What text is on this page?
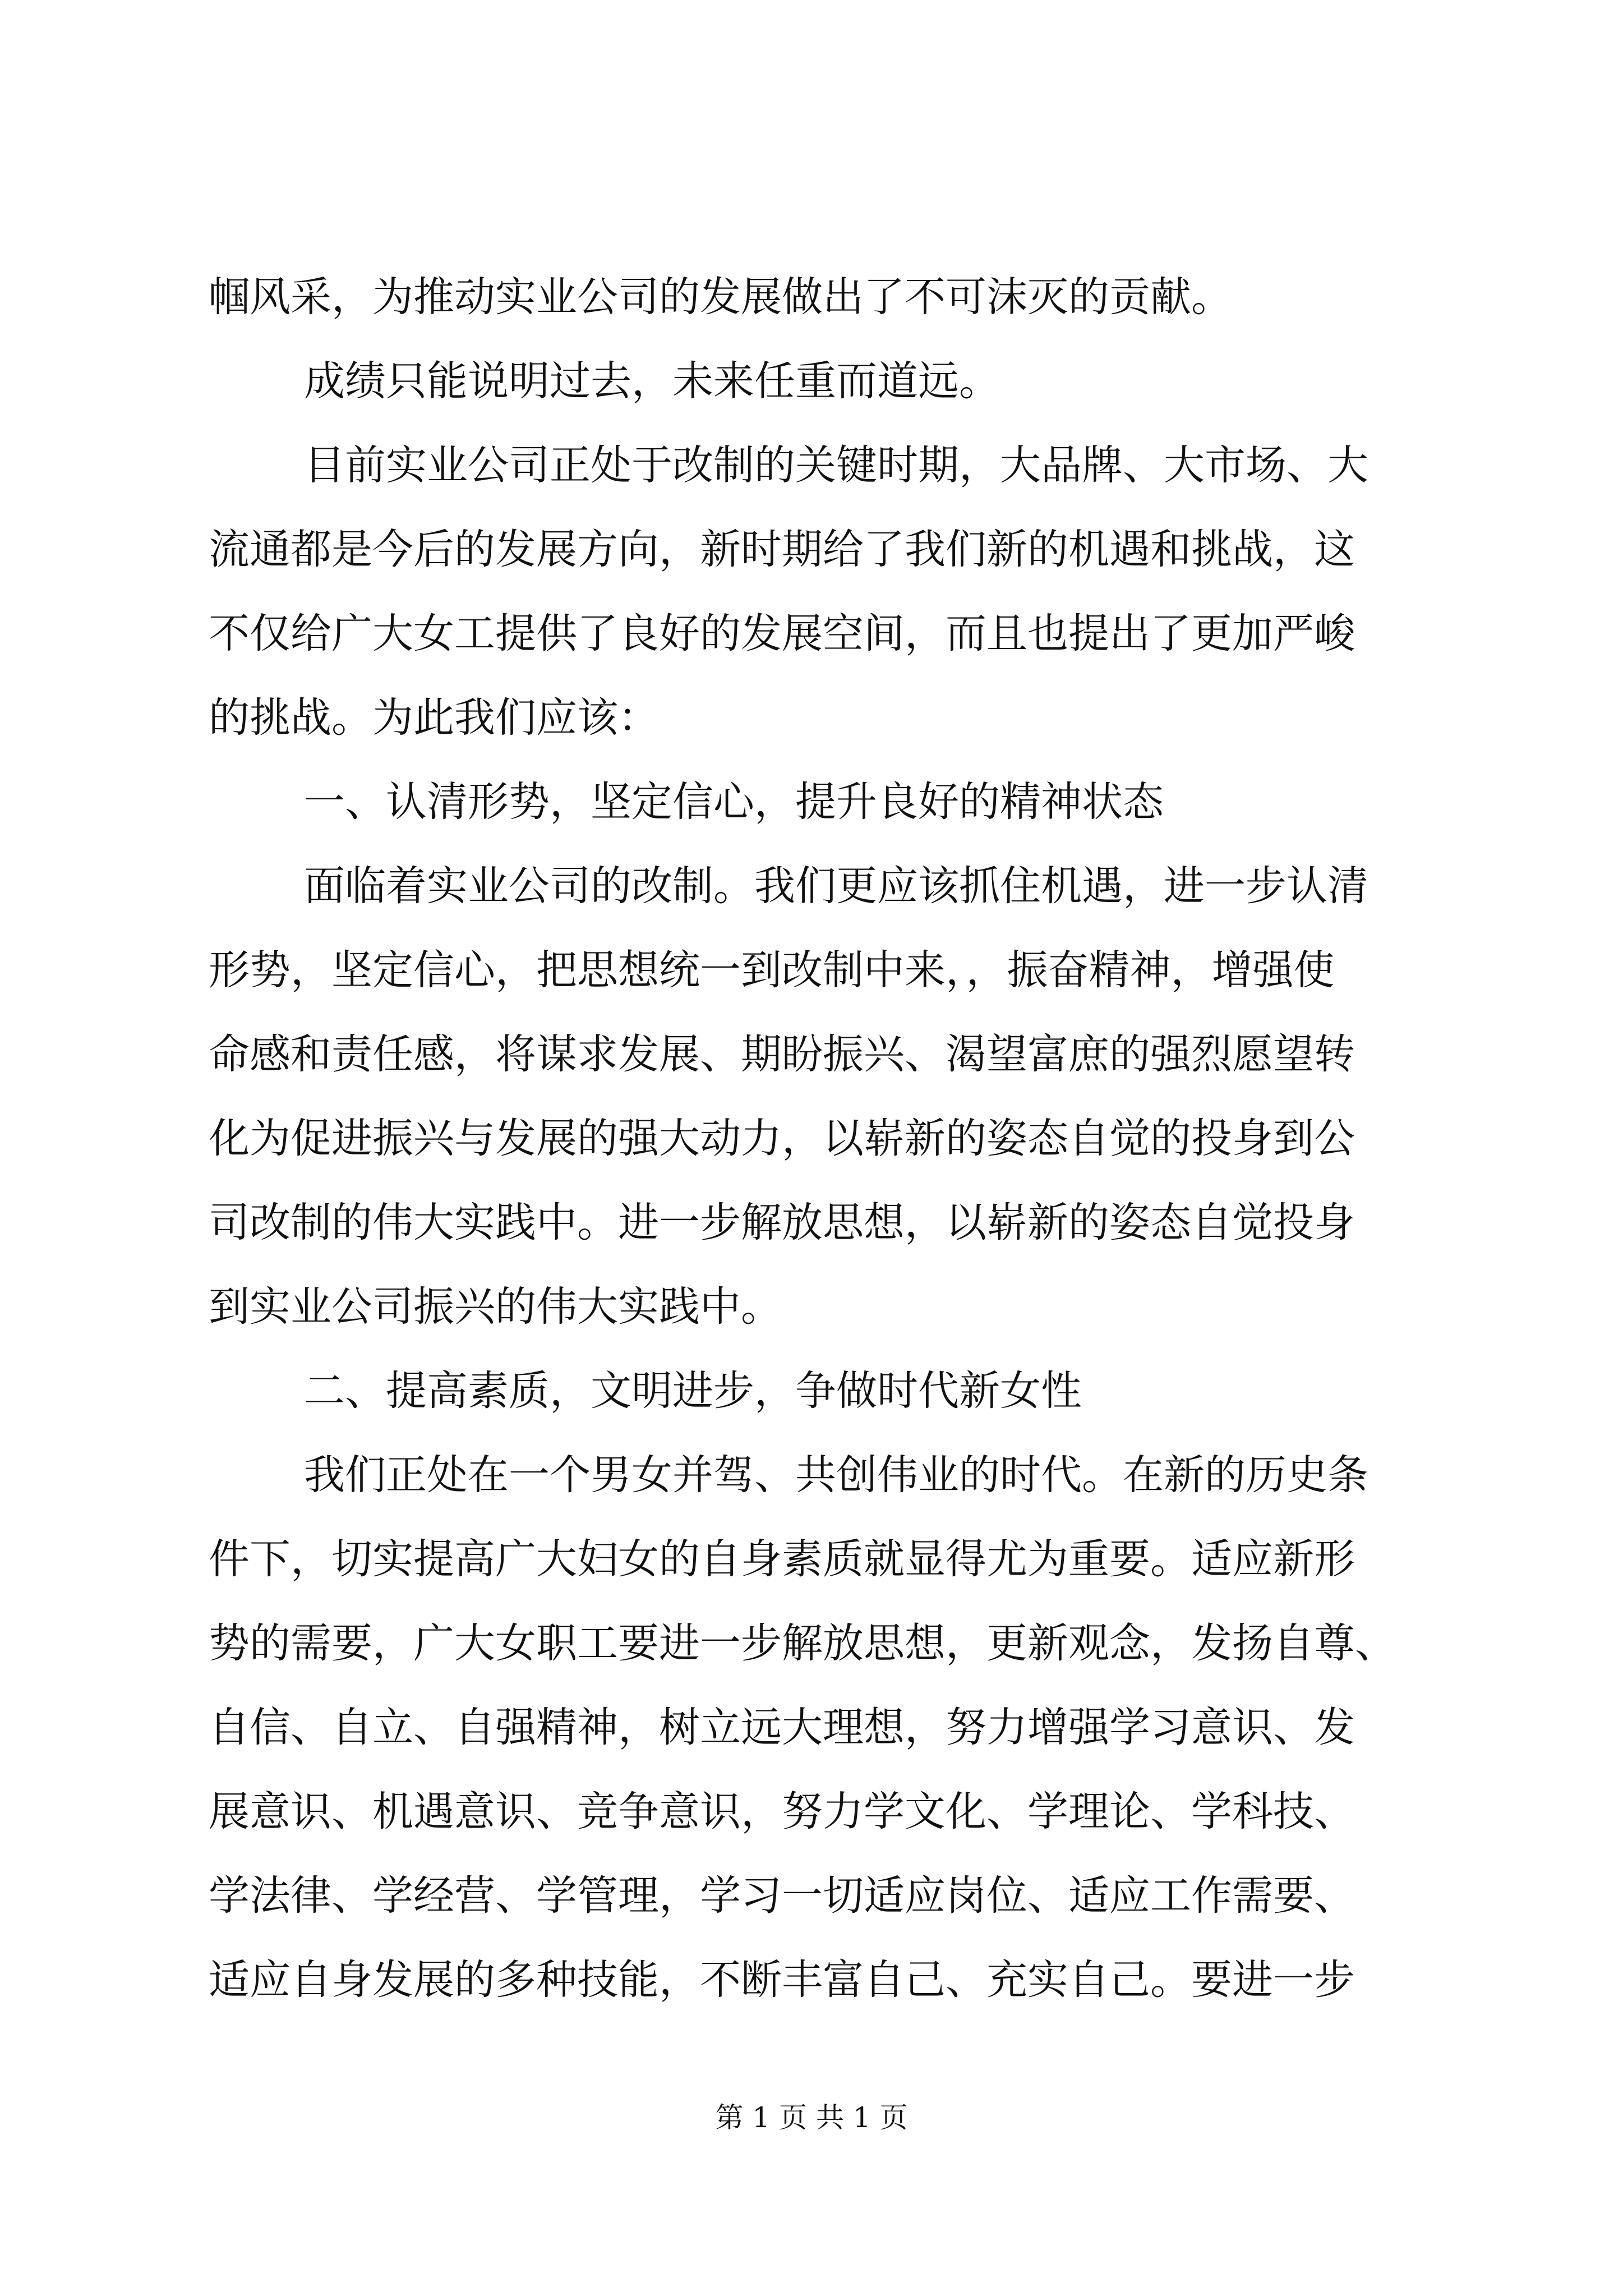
帼风采，为推动实业公司的发展做出了不可沫灭的贡献。
成绩只能说明过去，未来任重而道远。
目前实业公司正处于改制的关键时期，大品牌、大市场、大
流通都是今后的发展方向，新时期给了我们新的机遇和挑战，这
不仅给广大女工提供了良好的发展空间，而且也提出了更加严峻
的挑战。为此我们应该：
一、认清形势，坚定信心，提升良好的精神状态
面临着实业公司的改制。我们更应该抓住机遇，进一步认清
形势，坚定信心，把思想统一到改制中来，，振奋精神，增强使
命感和责任感，将谋求发展、期盼振兴、渴望富庶的强烈愿望转
化为促进振兴与发展的强大动力，以崭新的姿态自觉的投身到公
司改制的伟大实践中。进一步解放思想，以崭新的姿态自觉投身
到实业公司振兴的伟大实践中。
二、提高素质，文明进步，争做时代新女性
我们正处在一个男女并驾、共创伟业的时代。在新的历史条
件下，切实提高广大妇女的自身素质就显得尤为重要。适应新形
势的需要，广大女职工要进一步解放思想，更新观念，发扬自尊、
自信、自立、自强精神，树立远大理想，努力增强学习意识、发
展意识、机遇意识、竞争意识，努力学文化、学理论、学科技、
学法律、学经营、学管理，学习一切适应岗位、适应工作需要、
适应自身发展的多种技能，不断丰富自己、充实自己。要进一步
第 1 页 共 1 页
